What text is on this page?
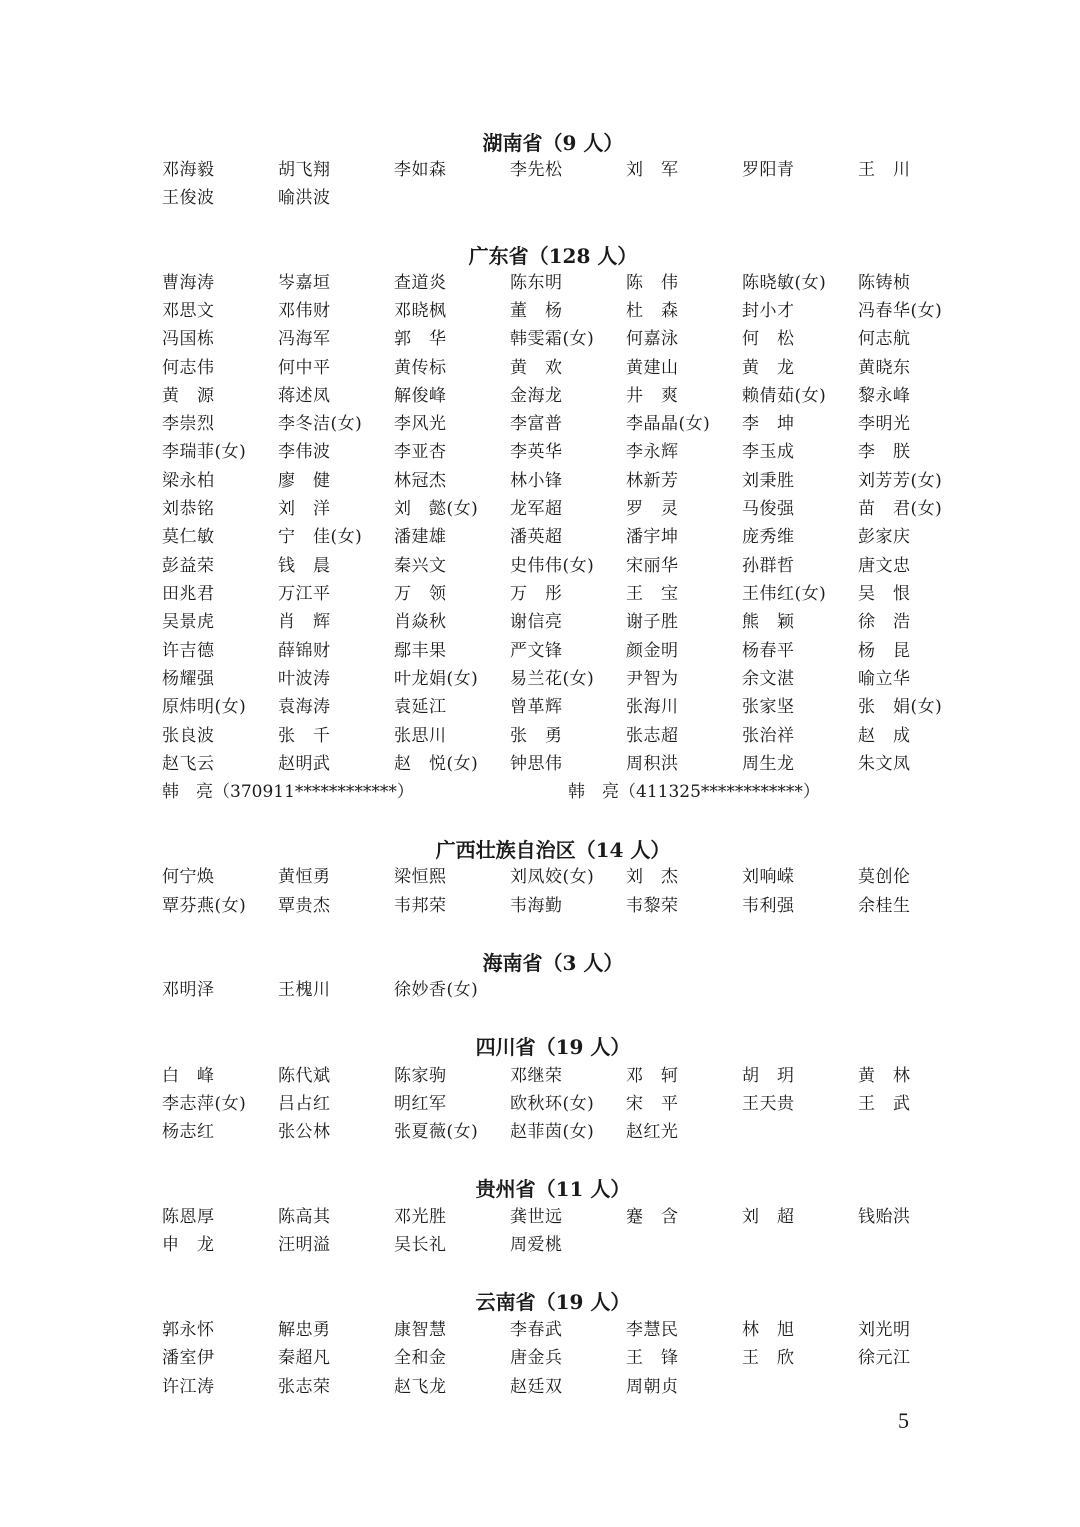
湖南省（9 人）
邓海毅	胡飞翔	李如森	李先松	刘　军	罗阳青	王　川
王俊波	喻洪波
广东省（128 人）
曹海涛	岑嘉垣	查道炎	陈东明	陈　伟	陈晓敏(女) 陈铸桢
邓思文	邓伟财	邓晓枫	董　杨	杜　森	封小才	冯春华(女)
冯国栋	冯海军	郭　华	韩雯霜(女) 何嘉泳	何　松	何志航
何志伟	何中平	黄传标	黄　欢	黄建山	黄　龙	黄晓东
黄　源	蒋述凤	解俊峰	金海龙	井　爽	赖倩茹(女) 黎永峰
李崇烈	李冬洁(女) 李风光	李富普	李晶晶(女) 李　坤	李明光
李瑞菲(女) 李伟波	李亚杏	李英华	李永辉	李玉成	李　朕
梁永柏	廖　健	林冠杰	林小锋	林新芳	刘秉胜	刘芳芳(女)
刘恭铭	刘　洋	刘　懿(女) 龙军超	罗　灵	马俊强	苗　君(女)
莫仁敏	宁　佳(女) 潘建雄	潘英超	潘宇坤	庞秀维	彭家庆
彭益荣	钱　晨	秦兴文	史伟伟(女) 宋丽华	孙群哲	唐文忠
田兆君	万江平	万　领	万　彤	王　宝	王伟红(女) 吴　恨
吴景虎	肖　辉	肖焱秋	谢信亮	谢子胜	熊　颖	徐　浩
许吉德	薛锦财	鄢丰果	严文锋	颜金明	杨春平	杨　昆
杨耀强	叶波涛	叶龙娟(女) 易兰花(女) 尹智为	余文湛	喻立华
原炜明(女) 袁海涛	袁延江	曾革辉	张海川	张家坚	张　娟(女)
张良波	张　千	张思川	张　勇	张志超	张治祥	赵　成
赵飞云	赵明武	赵　悦(女) 钟思伟	周积洪	周生龙	朱文凤
韩　亮（370911************）	韩　亮（411325************）
广西壮族自治区（14 人）
何宁焕	黄恒勇	梁恒熙	刘凤姣(女) 刘　杰	刘响嵘	莫创伦
覃芬燕(女) 覃贵杰	韦邦荣	韦海勤	韦黎荣	韦利强	余桂生
海南省（3 人）
邓明泽	王槐川	徐妙香(女)
四川省（19 人）
白　峰	陈代斌	陈家驹	邓继荣	邓　轲	胡　玥	黄　林
李志萍(女) 吕占红	明红军	欧秋环(女) 宋　平	王天贵	王　武
杨志红	张公林	张夏薇(女) 赵菲茵(女) 赵红光
贵州省（11 人）
陈恩厚	陈高其	邓光胜	龚世远	蹇　含	刘　超	钱贻洪
申　龙	汪明溢	吴长礼	周爱桃
云南省（19 人）
郭永怀	解忠勇	康智慧	李春武	李慧民	林　旭	刘光明
潘室伊	秦超凡	全和金	唐金兵	王　锋	王　欣	徐元江
许江涛	张志荣	赵飞龙	赵廷双	周朝贞
5
